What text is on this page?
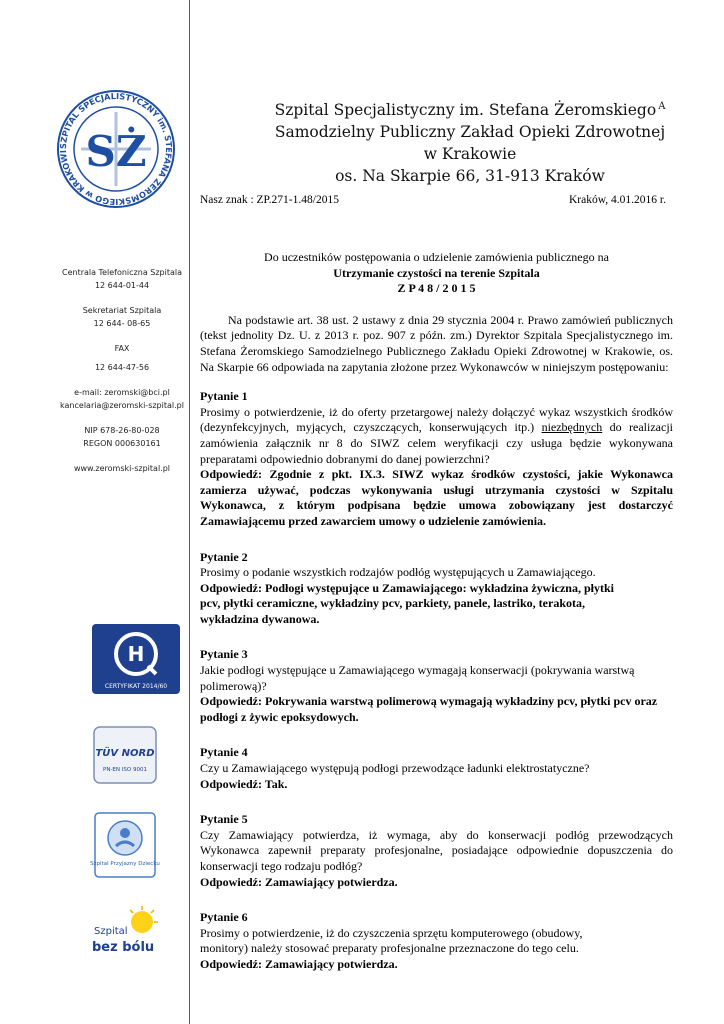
SZPITAL SPECJALISTYCZNY im. STEFANA ŻEROMSKIEGO w KRAKOWI SŻ
Szpital Specjalistyczny im. Stefana Żeromskiego $^A$
Samodzielny Publiczny Zakład Opieki Zdrowotnej
w Krakowie
os. Na Skarpie 66, 31-913 Kraków
Nasz znak : ZP.271-1.48/2015	Kraków, 4.01.2016 r.
Centrala Telefoniczna Szpitala
12 644-01-44
Sekretariat Szpitala
12 644- 08-65
FAX
12 644-47-56
e-mail: zeromski@bci.pl
kancelaria@zeromski-szpital.pl
NIP 678-26-80-028
REGON 000630161
www.zeromski-szpital.pl
H
CERTYFIKAT 2014/60
TÜV NORD
PN-EN ISO 9001
Szpital Przyjazny Dziecku
Szpital
bez bólu
Do uczestników postępowania o udzielenie zamówienia publicznego na
Utrzymanie czystości na terenie Szpitala
Z P 4 8 / 2 0 1 5
Na podstawie art. 38 ust. 2 ustawy z dnia 29 stycznia 2004 r. Prawo zamówień publicznych (tekst jednolity Dz. U. z 2013 r. poz. 907 z późn. zm.) Dyrektor Szpitala Specjalistycznego im. Stefana Żeromskiego Samodzielnego Publicznego Zakładu Opieki Zdrowotnej w Krakowie, os. Na Skarpie 66 odpowiada na zapytania złożone przez Wykonawców w niniejszym postępowaniu:
Pytanie 1
Prosimy o potwierdzenie, iż do oferty przetargowej należy dołączyć wykaz wszystkich środków (dezynfekcyjnych, myjących, czyszczących, konserwujących itp.) niezbędnych do realizacji zamówienia załącznik nr 8 do SIWZ celem weryfikacji czy usługa będzie wykonywana preparatami odpowiednio dobranymi do danej powierzchni?
Odpowiedź: Zgodnie z pkt. IX.3. SIWZ wykaz środków czystości, jakie Wykonawca zamierza używać, podczas wykonywania usługi utrzymania czystości w Szpitalu Wykonawca, z którym podpisana będzie umowa zobowiązany jest dostarczyć Zamawiającemu przed zawarciem umowy o udzielenie zamówienia.
Pytanie 2
Prosimy o podanie wszystkich rodzajów podłóg występujących u Zamawiającego.
Odpowiedź: Podłogi występujące u Zamawiającego: wykładzina żywiczna, płytki pcv, płytki ceramiczne, wykładziny pcv, parkiety, panele, lastriko, terakota, wykładzina dywanowa.
Pytanie 3
Jakie podłogi występujące u Zamawiającego wymagają konserwacji (pokrywania warstwą polimerową)?
Odpowiedź: Pokrywania warstwą polimerową wymagają wykładziny pcv, płytki pcv oraz podłogi z żywic epoksydowych.
Pytanie 4
Czy u Zamawiającego występują podłogi przewodzące ładunki elektrostatyczne?
Odpowiedź: Tak.
Pytanie 5
Czy Zamawiający potwierdza, iż wymaga, aby do konserwacji podłóg przewodzących Wykonawca zapewnił preparaty profesjonalne, posiadające odpowiednie dopuszczenia do konserwacji tego rodzaju podłóg?
Odpowiedź: Zamawiający potwierdza.
Pytanie 6
Prosimy o potwierdzenie, iż do czyszczenia sprzętu komputerowego (obudowy, monitory) należy stosować preparaty profesjonalne przeznaczone do tego celu.
Odpowiedź: Zamawiający potwierdza.
